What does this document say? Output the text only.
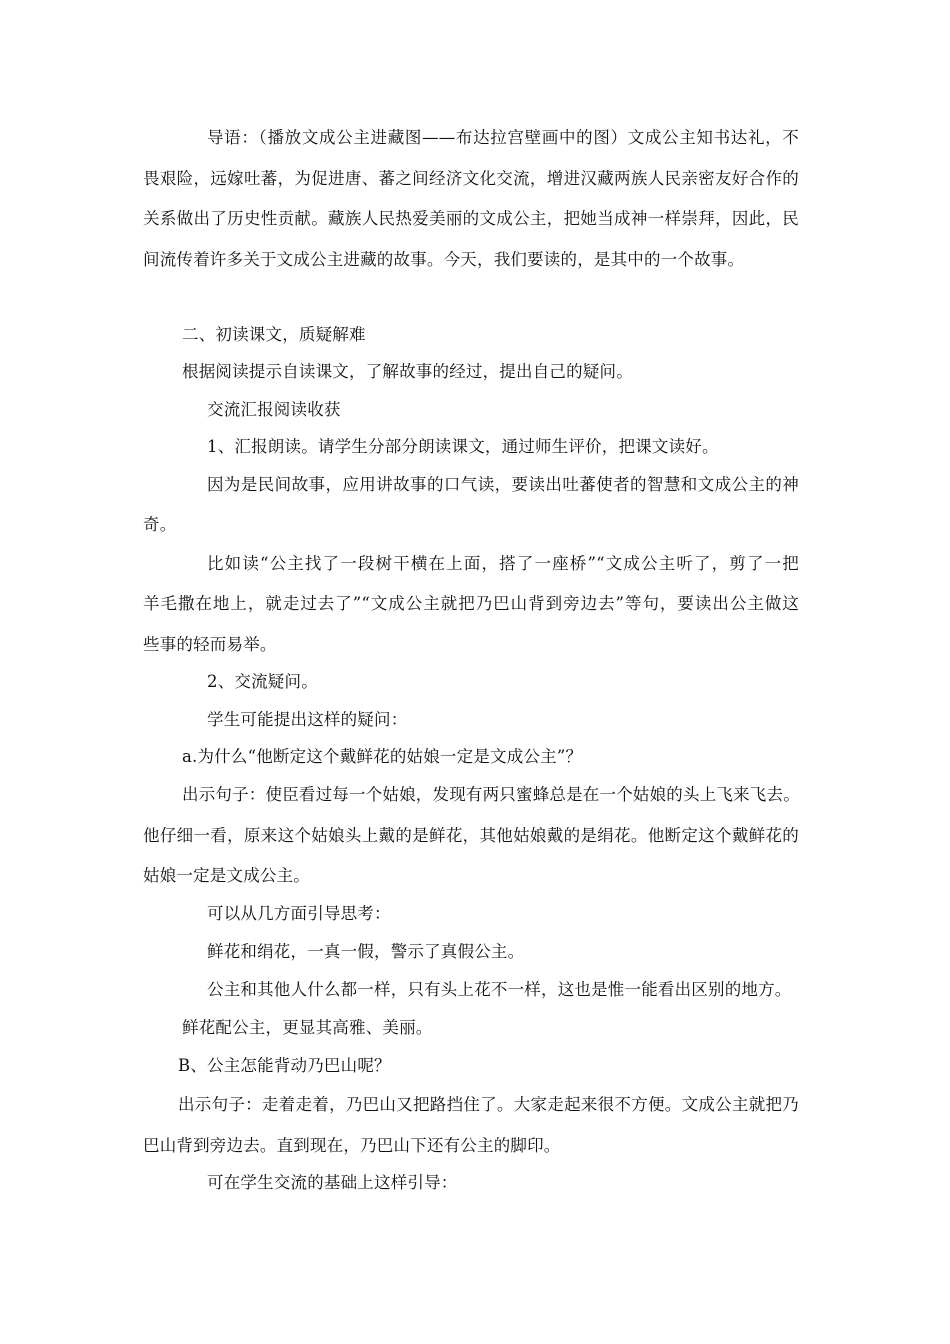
导语：（播放文成公主进藏图——布达拉宫壁画中的图）文成公主知书达礼，不
畏艰险，远嫁吐蕃，为促进唐、蕃之间经济文化交流，增进汉藏两族人民亲密友好合作的
关系做出了历史性贡献。藏族人民热爱美丽的文成公主，把她当成神一样崇拜，因此，民
间流传着许多关于文成公主进藏的故事。今天，我们要读的，是其中的一个故事。
二、初读课文，质疑解难
根据阅读提示自读课文，了解故事的经过，提出自己的疑问。
交流汇报阅读收获
1、汇报朗读。请学生分部分朗读课文，通过师生评价，把课文读好。
因为是民间故事，应用讲故事的口气读，要读出吐蕃使者的智慧和文成公主的神
奇。
比如读“公主找了一段树干横在上面，搭了一座桥”“文成公主听了，剪了一把
羊毛撒在地上，就走过去了”“文成公主就把乃巴山背到旁边去”等句，要读出公主做这
些事的轻而易举。
2、交流疑问。
学生可能提出这样的疑问：
a.为什么“他断定这个戴鲜花的姑娘一定是文成公主”？
出示句子：使臣看过每一个姑娘，发现有两只蜜蜂总是在一个姑娘的头上飞来飞去。
他仔细一看，原来这个姑娘头上戴的是鲜花，其他姑娘戴的是绢花。他断定这个戴鲜花的
姑娘一定是文成公主。
可以从几方面引导思考：
鲜花和绢花，一真一假，警示了真假公主。
公主和其他人什么都一样，只有头上花不一样，这也是惟一能看出区别的地方。
鲜花配公主，更显其高雅、美丽。
B、公主怎能背动乃巴山呢？
出示句子：走着走着，乃巴山又把路挡住了。大家走起来很不方便。文成公主就把乃
巴山背到旁边去。直到现在，乃巴山下还有公主的脚印。
可在学生交流的基础上这样引导：
